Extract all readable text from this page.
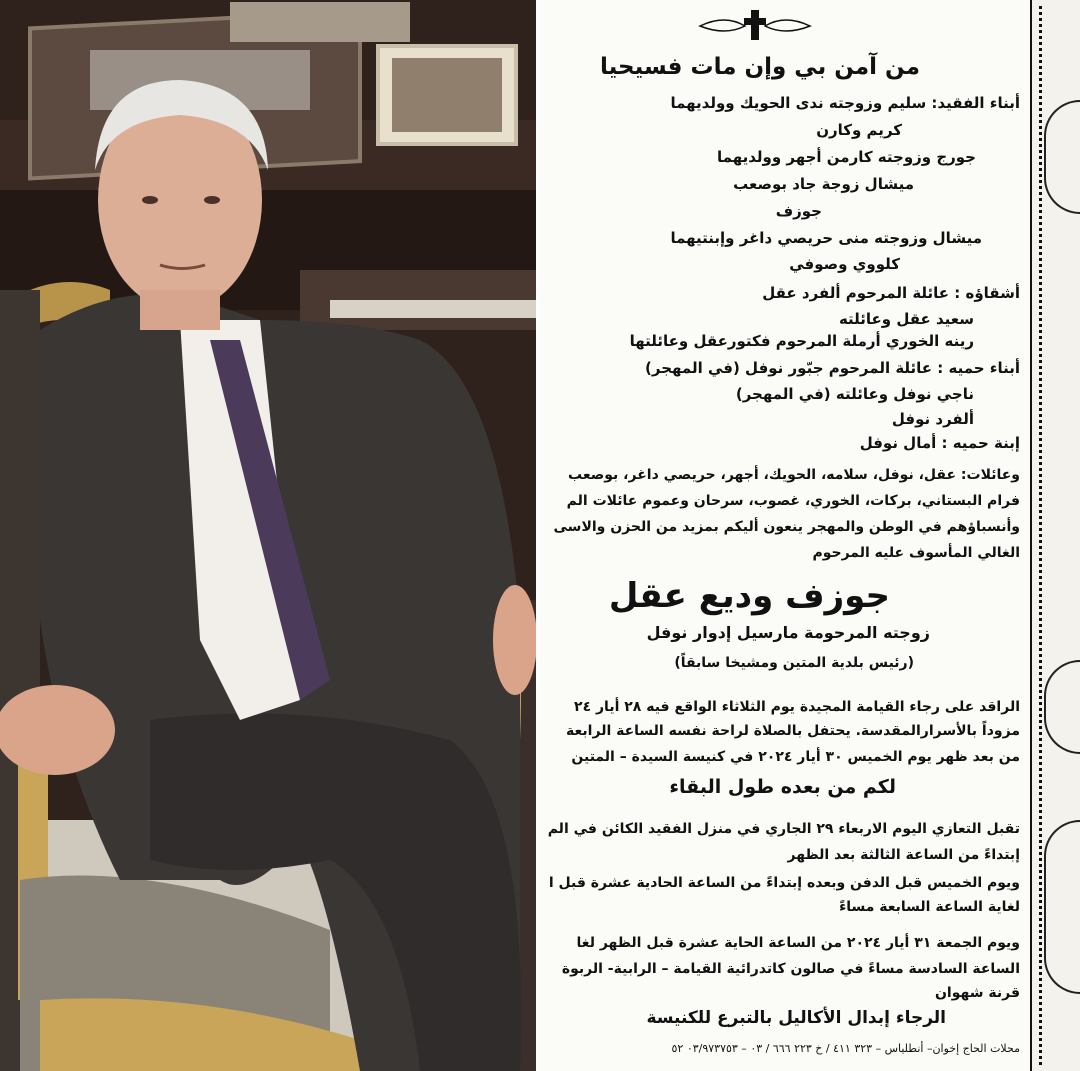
من آمن بي وإن مات فسيحيا
أبناء الفقيد: سليم وزوجته ندى الحويك وولديهما
كريم وكارن
جورج وزوجته كارمن أجهر وولديهما
ميشال زوجة جاد بوصعب
جوزف
ميشال وزوجته منى حريصي داغر وإبنتيهما
كلووي وصوفي
أشقاؤه : عائلة المرحوم ألفرد عقل
سعيد عقل وعائلته
رينه الخوري أرملة المرحوم فكتورعقل وعائلتها
أبناء حميه : عائلة المرحوم جبّور نوفل (في المهجر)
ناجي نوفل وعائلته (في المهجر)
ألفرد نوفل
إبنة حميه : أمال نوفل
وعائلات: عقل، نوفل، سلامه، الحويك، أجهر، حريصي داغر، بوصعب
فرام البستاني، بركات، الخوري، غصوب، سرحان وعموم عائلات الم
وأنسباؤهم في الوطن والمهجر ينعون أليكم بمزيد من الحزن والاسى
الغالي المأسوف عليه المرحوم
جوزف وديع عقل
زوجته المرحومة مارسيل إدوار نوفل
(رئيس بلدية المتين ومشيخا سابقاً)
الراقد على رجاء القيامة المجيدة يوم الثلاثاء الواقع فيه ٢٨ أيار ٢٤
مزوداً بالأسرارالمقدسة. يحتفل بالصلاة لراحة نفسه الساعة الرابعة
من بعد ظهر يوم الخميس ٣٠ أيار ٢٠٢٤ في كنيسة السيدة – المتين
لكم من بعده طول البقاء
تقبل التعازي اليوم الاربعاء ٢٩ الجاري في منزل الفقيد الكائن في الم
إبتداءً من الساعة الثالثة بعد الظهر
ويوم الخميس قبل الدفن وبعده إبتداءً من الساعة الحادية عشرة قبل ا
لغاية الساعة السابعة مساءً
ويوم الجمعة ٣١ أيار ٢٠٢٤ من الساعة الحاية عشرة قبل الظهر لغا
الساعة السادسة مساءً في صالون كاتدرائية القيامة – الرابية- الربوة
قرنة شهوان
الرجاء إبدال الأكاليل بالتبرع للكنيسة
محلات الحاج إخوان– أنطلياس – ٣٢٣ ٤١١ / خ ٢٢٣ ٦٦٦ / ٠٣ – ٠٣/٩٧٣٧٥٣ ٥٢
